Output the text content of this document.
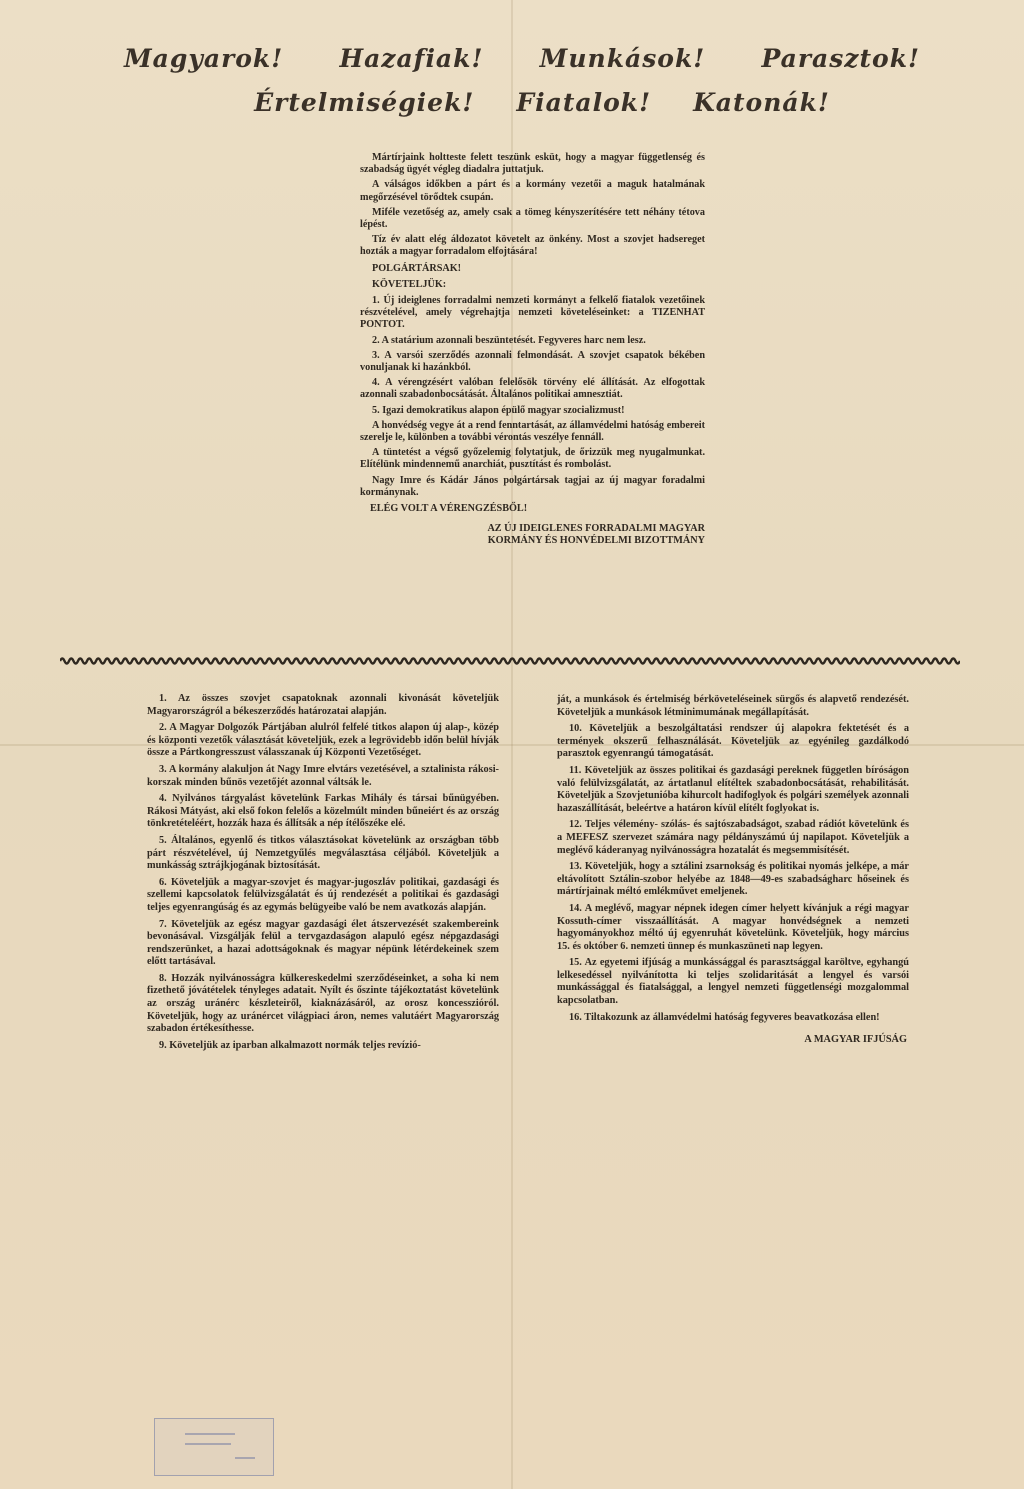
Magyarok! Hazafiak! Munkások! Parasztok!
Értelmiségiek! Fiatalok! Katonák!

Mártírjaink holtteste felett teszünk esküt, hogy a magyar függetlenség és szabadság ügyét végleg diadalra juttatjuk.

A válságos időkben a párt és a kormány vezetői a maguk hatalmának megőrzésével törődtek csupán.

Miféle vezetőség az, amely csak a tömeg kényszerítésére tett néhány tétova lépést.

Tíz év alatt elég áldozatot követelt az önkény. Most a szovjet hadsereget hozták a magyar forradalom elfojtására!

POLGÁRTÁRSAK!

KÖVETELJÜK:

1. Új ideiglenes forradalmi nemzeti kormányt a felkelő fiatalok vezetőinek részvételével, amely végrehajtja nemzeti követeléseinket: a TIZENHAT PONTOT.

2. A statárium azonnali beszüntetését. Fegyveres harc nem lesz.

3. A varsói szerződés azonnali felmondását. A szovjet csapatok békében vonuljanak ki hazánkból.

4. A vérengzésért valóban felelősök törvény elé állítását. Az elfogottak azonnali szabadonbocsátását. Általános politikai amnesztiát.

5. Igazi demokratikus alapon épülő magyar szocializmust!

A honvédség vegye át a rend fenntartását, az államvédelmi hatóság embereit szerelje le, különben a további vérontás veszélye fennáll.

A tüntetést a végső győzelemig folytatjuk, de őrizzük meg nyugalmunkat. Elítélünk mindennemű anarchiát, pusztítást és rombolást.

Nagy Imre és Kádár János polgártársak tagjai az új magyar foradalmi kormánynak.

ELÉG VOLT A VÉRENGZÉSBŐL!

AZ ÚJ IDEIGLENES FORRADALMI MAGYAR

KORMÁNY ÉS HONVÉDELMI BIZOTTMÁNY

1. Az összes szovjet csapatoknak azonnali kivonását követeljük Magyarországról a békeszerződés határozatai alapján.

2. A Magyar Dolgozók Pártjában alulról felfelé titkos alapon új alap-, közép és központi vezetők választását követeljük, ezek a legrövidebb időn belül hívják össze a Pártkongresszust válasszanak új Központi Vezetőséget.

3. A kormány alakuljon át Nagy Imre elvtárs vezetésével, a sztalinista rákosi-korszak minden bűnös vezetőjét azonnal váltsák le.

4. Nyilvános tárgyalást követelünk Farkas Mihály és társai bűnügyében. Rákosi Mátyást, aki első fokon felelős a közelmúlt minden bűneiért és az ország tönkretételéért, hozzák haza és állítsák a nép ítélőszéke elé.

5. Általános, egyenlő és titkos választásokat követelünk az országban több párt részvételével, új Nemzetgyűlés megválasztása céljából. Követeljük a munkásság sztrájkjogának biztosítását.

6. Követeljük a magyar-szovjet és magyar-jugoszláv politikai, gazdasági és szellemi kapcsolatok felülvizsgálatát és új rendezését a politikai és gazdasági teljes egyenrangúság és az egymás belügyeibe való be nem avatkozás alapján.

7. Követeljük az egész magyar gazdasági élet átszervezését szakembereink bevonásával. Vizsgálják felül a tervgazdaságon alapuló egész népgazdasági rendszerünket, a hazai adottságoknak és magyar népünk létérdekeinek szem előtt tartásával.

8. Hozzák nyilvánosságra külkereskedelmi szerződéseinket, a soha ki nem fizethető jóvátételek tényleges adatait. Nyílt és őszinte tájékoztatást követelünk az ország uránérc készleteiről, kiaknázásáról, az orosz koncesszióról. Követeljük, hogy az uránércet világpiaci áron, nemes valutáért Magyarország szabadon értékesíthesse.

9. Követeljük az iparban alkalmazott normák teljes revízió-

ját, a munkások és értelmiség bérköveteléseinek sürgős és alapvető rendezését. Követeljük a munkások létminimumának megállapítását.

10. Követeljük a beszolgáltatási rendszer új alapokra fektetését és a termények okszerű felhasználását. Követeljük az egyénileg gazdálkodó parasztok egyenrangú támogatását.

11. Követeljük az összes politikai és gazdasági pereknek független bíróságon való felülvizsgálatát, az ártatlanul elítéltek szabadonbocsátását, rehabilitását. Követeljük a Szovjetunióba kihurcolt hadifoglyok és polgári személyek azonnali hazaszállítását, beleértve a határon kívül elítélt foglyokat is.

12. Teljes vélemény- szólás- és sajtószabadságot, szabad rádiót követelünk és a MEFESZ szervezet számára nagy példányszámú új napilapot. Követeljük a meglévő káderanyag nyilvánosságra hozatalát és megsemmisítését.

13. Követeljük, hogy a sztálini zsarnokság és politikai nyomás jelképe, a már eltávolított Sztálin-szobor helyébe az 1848—49-es szabadságharc hőseinek és mártírjainak méltó emlékművet emeljenek.

14. A meglévő, magyar népnek idegen címer helyett kívánjuk a régi magyar Kossuth-címer visszaállítását. A magyar honvédségnek a nemzeti hagyományokhoz méltó új egyenruhát követelünk. Követeljük, hogy március 15. és október 6. nemzeti ünnep és munkaszüneti nap legyen.

15. Az egyetemi ifjúság a munkássággal és parasztsággal karöltve, egyhangú lelkesedéssel nyilvánította ki teljes szolidaritását a lengyel és varsói munkássággal és fiatalsággal, a lengyel nemzeti függetlenségi mozgalommal kapcsolatban.

16. Tiltakozunk az államvédelmi hatóság fegyveres beavatkozása ellen!

A MAGYAR IFJÚSÁG
